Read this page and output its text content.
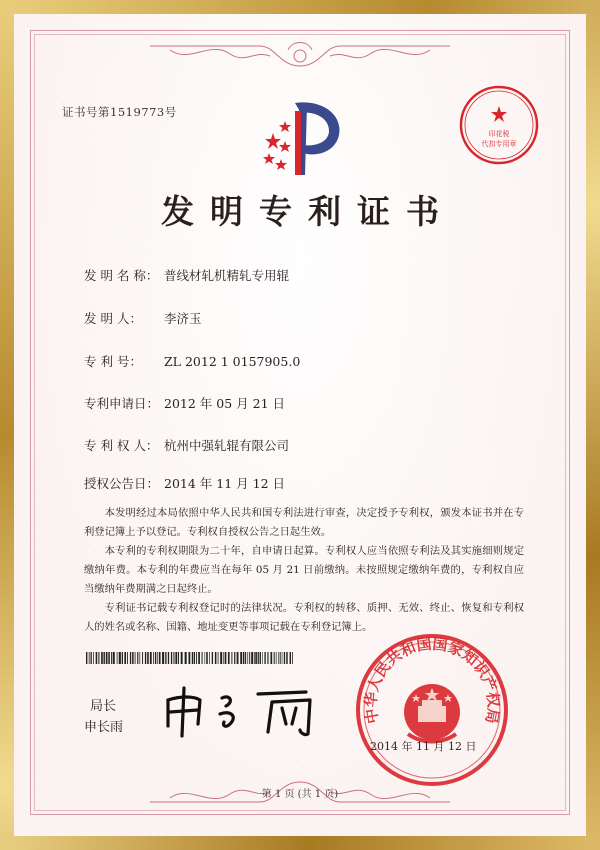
证书号第1519773号
印花税
代扣专用章
发明专利证书
发 明 名 称： 普线材轧机精轧专用辊
发 明 人： 李济玉
专 利 号： ZL 2012 1 0157905.0
专利申请日： 2012 年 05 月 21 日
专 利 权 人： 杭州中强轧辊有限公司
授权公告日： 2014 年 11 月 12 日

本发明经过本局依照中华人民共和国专利法进行审查，决定授予专利权，颁发本证书并在专利登记簿上予以登记。专利权自授权公告之日起生效。

本专利的专利权期限为二十年，自申请日起算。专利权人应当依照专利法及其实施细则规定缴纳年费。本专利的年费应当在每年 05 月 21 日前缴纳。未按照规定缴纳年费的，专利权自应当缴纳年费期满之日起终止。

专利证书记载专利权登记时的法律状况。专利权的转移、质押、无效、终止、恢复和专利权人的姓名或名称、国籍、地址变更等事项记载在专利登记簿上。

局长
申长雨
中华人民共和国国家知识产权局
2014 年 11 月 12 日
第 1 页 (共 1 页)
